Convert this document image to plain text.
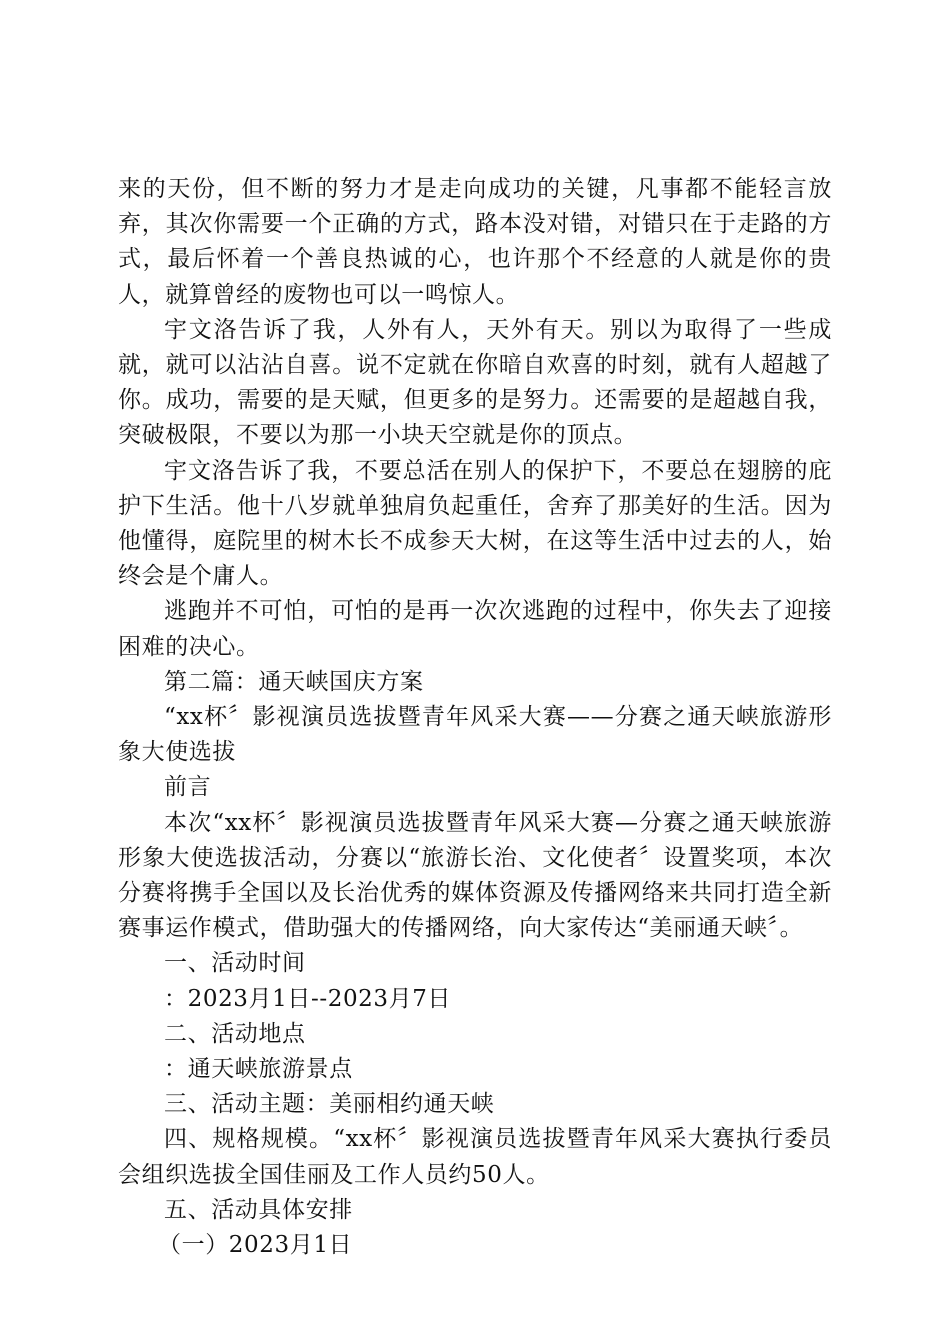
来的天份，但不断的努力才是走向成功的关键，凡事都不能轻言放弃，其次你需要一个正确的方式，路本没对错，对错只在于走路的方式，最后怀着一个善良热诚的心，也许那个不经意的人就是你的贵人，就算曾经的废物也可以一鸣惊人。

宇文洛告诉了我，人外有人，天外有天。别以为取得了一些成就，就可以沾沾自喜。说不定就在你暗自欢喜的时刻，就有人超越了你。成功，需要的是天赋，但更多的是努力。还需要的是超越自我，突破极限，不要以为那一小块天空就是你的顶点。

宇文洛告诉了我，不要总活在别人的保护下，不要总在翅膀的庇护下生活。他十八岁就单独肩负起重任，舍弃了那美好的生活。因为他懂得，庭院里的树木长不成参天大树，在这等生活中过去的人，始终会是个庸人。

逃跑并不可怕，可怕的是再一次次逃跑的过程中，你失去了迎接困难的决心。

第二篇：通天峡国庆方案

“xx杯〞影视演员选拔暨青年风采大赛——分赛之通天峡旅游形象大使选拔

前言

本次“xx杯〞影视演员选拔暨青年风采大赛—分赛之通天峡旅游形象大使选拔活动，分赛以“旅游长治、文化使者〞设置奖项，本次分赛将携手全国以及长治优秀的媒体资源及传播网络来共同打造全新赛事运作模式，借助强大的传播网络，向大家传达“美丽通天峡〞。

一、活动时间

：2023月1日--2023月7日

二、活动地点

：通天峡旅游景点

三、活动主题：美丽相约通天峡

四、规格规模。“xx杯〞影视演员选拔暨青年风采大赛执行委员会组织选拔全国佳丽及工作人员约50人。

五、活动具体安排

（一）2023月1日
